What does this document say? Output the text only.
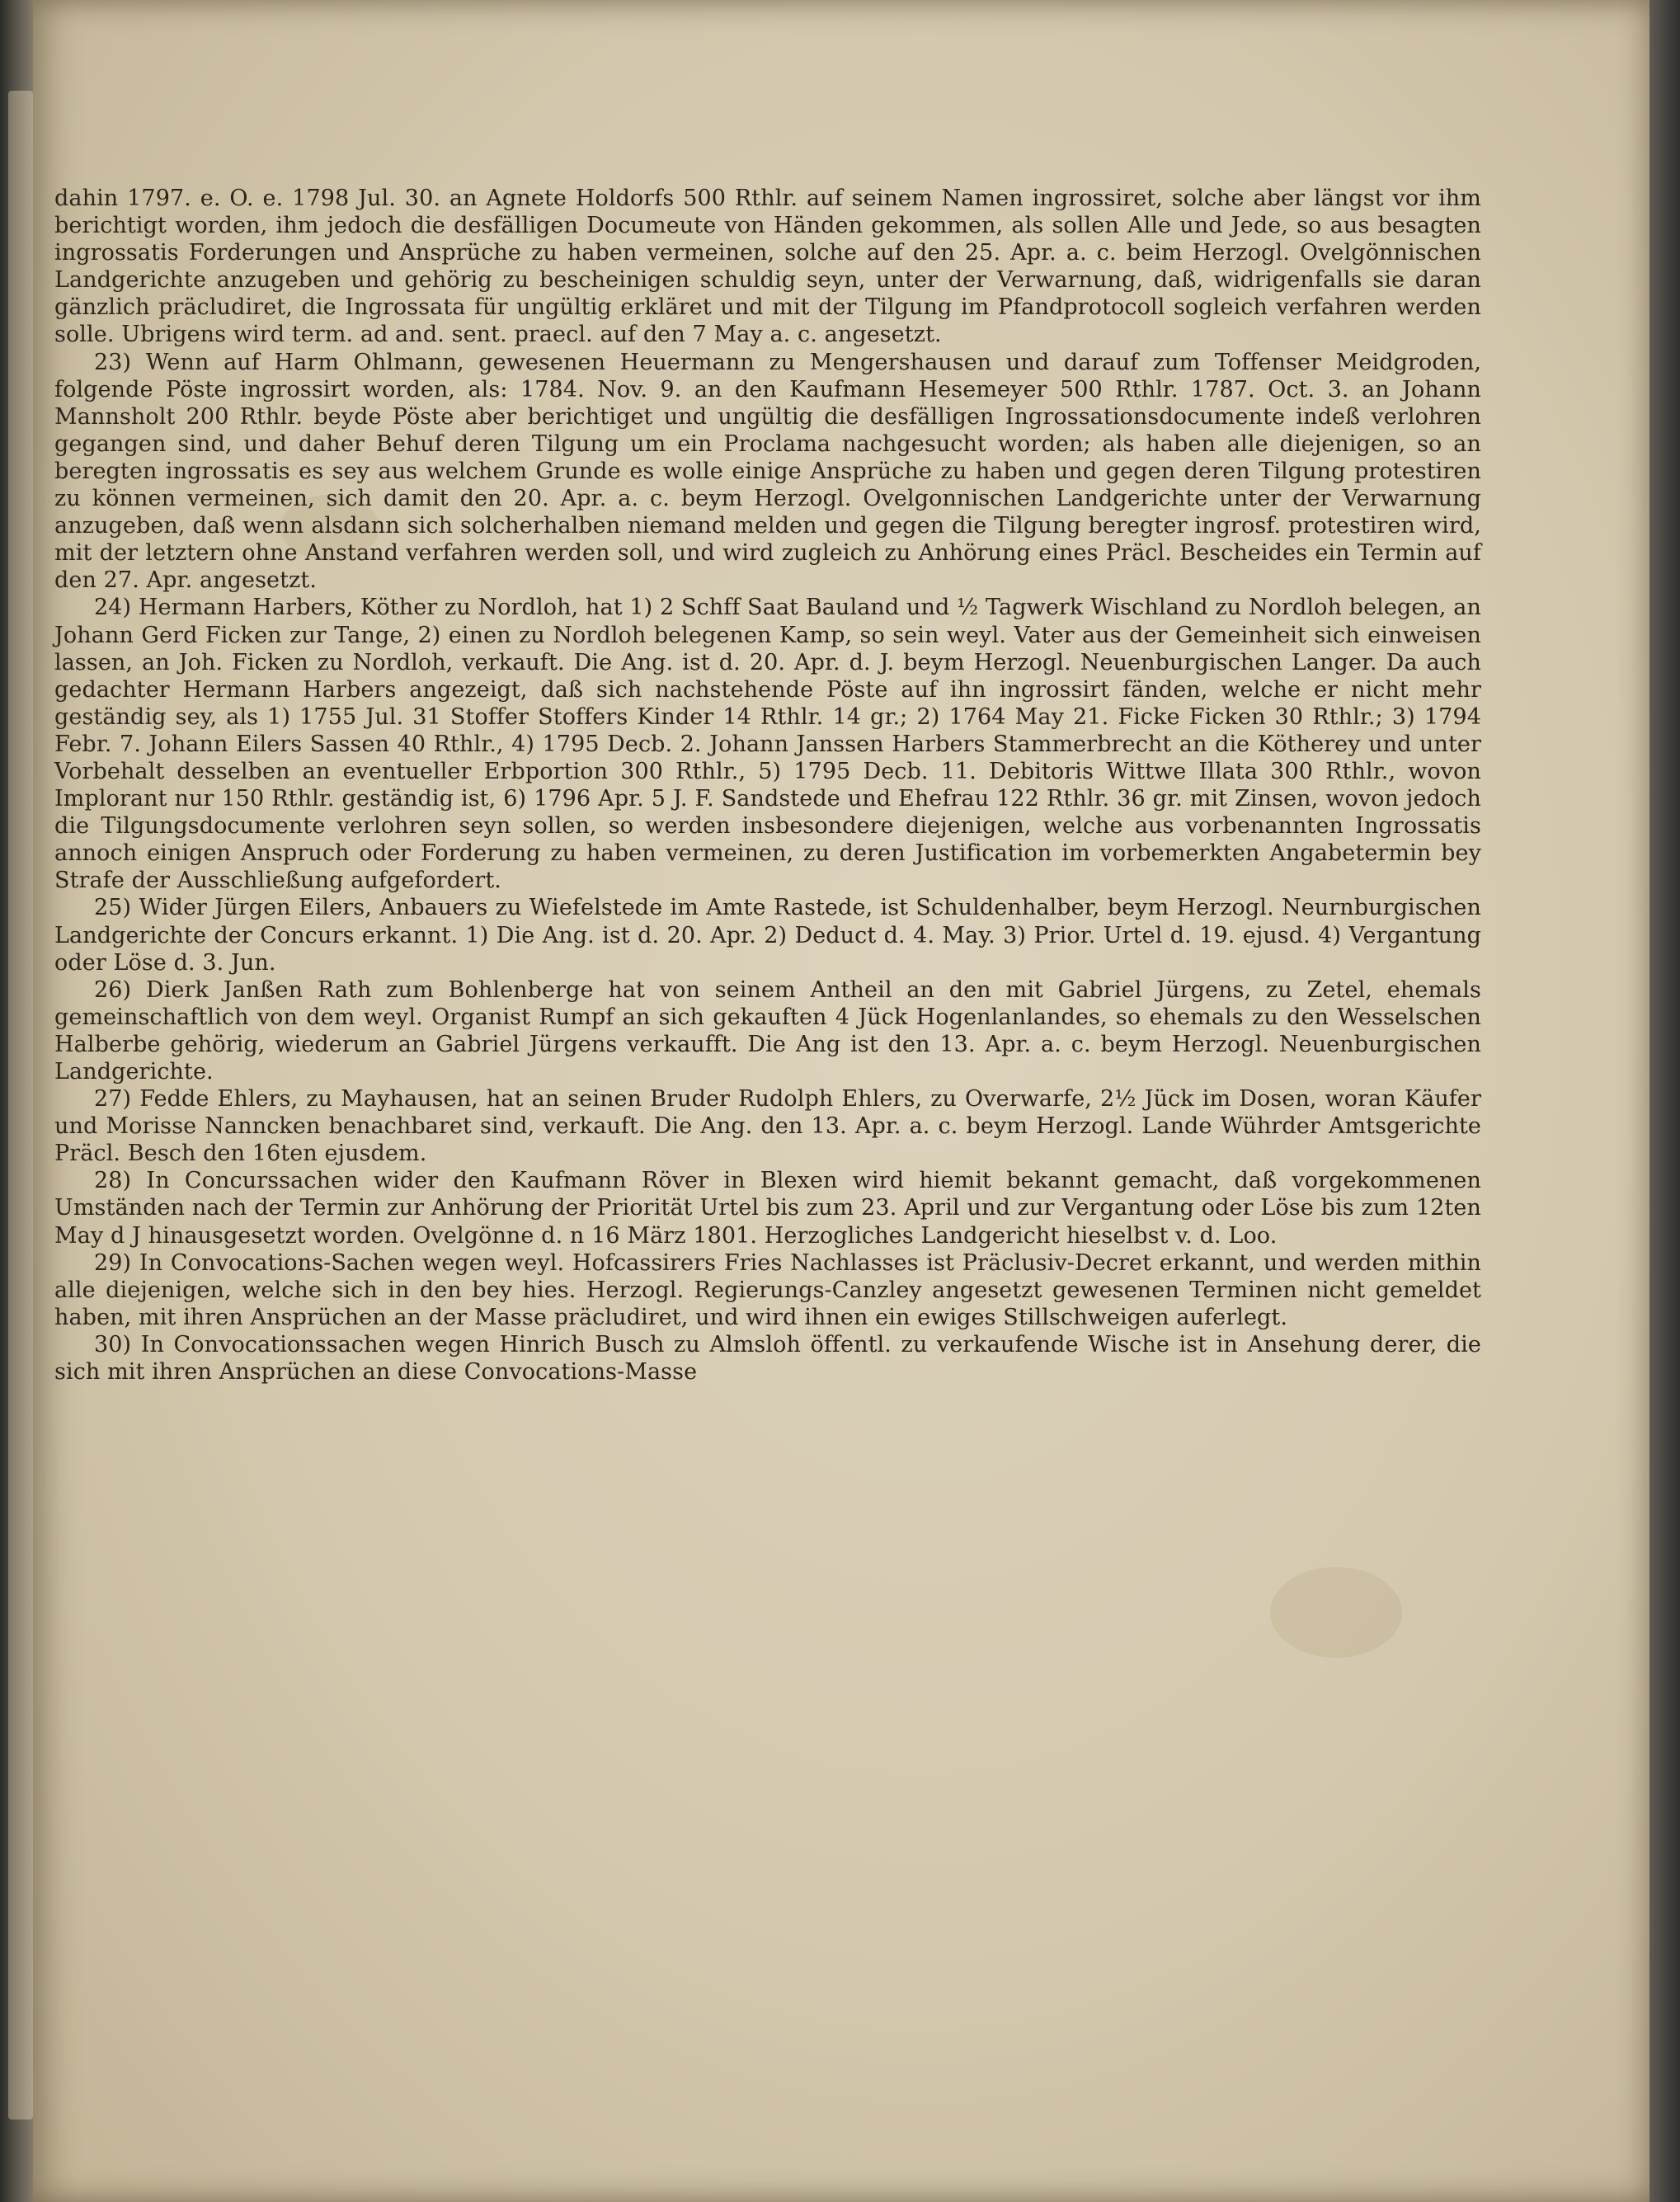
dahin 1797. e. O. e. 1798 Jul. 30. an Agnete Holdorfs 500 Rthlr. auf seinem Namen ingrossiret, solche aber längst vor ihm berichtigt worden, ihm jedoch die desfälligen Documeute von Händen gekommen, als sollen Alle und Jede, so aus besagten ingrossatis Forderungen und Ansprüche zu haben vermeinen, solche auf den 25. Apr. a. c. beim Herzogl. Ovelgönnischen Landgerichte anzugeben und gehörig zu bescheinigen schuldig seyn, unter der Verwarnung, daß, widrigenfalls sie daran gänzlich präcludiret, die Ingrossata für ungültig erkläret und mit der Tilgung im Pfandprotocoll sogleich verfahren werden solle. Ubrigens wird term. ad and. sent. praecl. auf den 7 May a. c. angesetzt.

23) Wenn auf Harm Ohlmann, gewesenen Heuermann zu Mengershausen und darauf zum Toffenser Meidgroden, folgende Pöste ingrossirt worden, als: 1784. Nov. 9. an den Kaufmann Hesemeyer 500 Rthlr. 1787. Oct. 3. an Johann Mannsholt 200 Rthlr. beyde Pöste aber berichtiget und ungültig die desfälligen Ingrossationsdocumente indeß verlohren gegangen sind, und daher Behuf deren Tilgung um ein Proclama nachgesucht worden; als haben alle diejenigen, so an beregten ingrossatis es sey aus welchem Grunde es wolle einige Ansprüche zu haben und gegen deren Tilgung protestiren zu können vermeinen, sich damit den 20. Apr. a. c. beym Herzogl. Ovelgonnischen Landgerichte unter der Verwarnung anzugeben, daß wenn alsdann sich solcherhalben niemand melden und gegen die Tilgung beregter ingrosf. protestiren wird, mit der letztern ohne Anstand verfahren werden soll, und wird zugleich zu Anhörung eines Präcl. Bescheides ein Termin auf den 27. Apr. angesetzt.

24) Hermann Harbers, Köther zu Nordloh, hat 1) 2 Schff Saat Bauland und ½ Tagwerk Wischland zu Nordloh belegen, an Johann Gerd Ficken zur Tange, 2) einen zu Nordloh belegenen Kamp, so sein weyl. Vater aus der Gemeinheit sich einweisen lassen, an Joh. Ficken zu Nordloh, verkauft. Die Ang. ist d. 20. Apr. d. J. beym Herzogl. Neuenburgischen Langer. Da auch gedachter Hermann Harbers angezeigt, daß sich nachstehende Pöste auf ihn ingrossirt fänden, welche er nicht mehr geständig sey, als 1) 1755 Jul. 31 Stoffer Stoffers Kinder 14 Rthlr. 14 gr.; 2) 1764 May 21. Ficke Ficken 30 Rthlr.; 3) 1794 Febr. 7. Johann Eilers Sassen 40 Rthlr., 4) 1795 Decb. 2. Johann Janssen Harbers Stammerbrecht an die Kötherey und unter Vorbehalt desselben an eventueller Erbportion 300 Rthlr., 5) 1795 Decb. 11. Debitoris Wittwe Illata 300 Rthlr., wovon Implorant nur 150 Rthlr. geständig ist, 6) 1796 Apr. 5 J. F. Sandstede und Ehefrau 122 Rthlr. 36 gr. mit Zinsen, wovon jedoch die Tilgungsdocumente verlohren seyn sollen, so werden insbesondere diejenigen, welche aus vorbenannten Ingrossatis annoch einigen Anspruch oder Forderung zu haben vermeinen, zu deren Justification im vorbemerkten Angabetermin bey Strafe der Ausschließung aufgefordert.

25) Wider Jürgen Eilers, Anbauers zu Wiefelstede im Amte Rastede, ist Schuldenhalber, beym Herzogl. Neurnburgischen Landgerichte der Concurs erkannt. 1) Die Ang. ist d. 20. Apr. 2) Deduct d. 4. May. 3) Prior. Urtel d. 19. ejusd. 4) Vergantung oder Löse d. 3. Jun.

26) Dierk Janßen Rath zum Bohlenberge hat von seinem Antheil an den mit Gabriel Jürgens, zu Zetel, ehemals gemeinschaftlich von dem weyl. Organist Rumpf an sich gekauften 4 Jück Hogenlanlandes, so ehemals zu den Wesselschen Halberbe gehörig, wiederum an Gabriel Jürgens verkaufft. Die Ang ist den 13. Apr. a. c. beym Herzogl. Neuenburgischen Landgerichte.

27) Fedde Ehlers, zu Mayhausen, hat an seinen Bruder Rudolph Ehlers, zu Overwarfe, 2½ Jück im Dosen, woran Käufer und Morisse Nanncken benachbaret sind, verkauft. Die Ang. den 13. Apr. a. c. beym Herzogl. Lande Wührder Amtsgerichte Präcl. Besch den 16ten ejusdem.

28) In Concurssachen wider den Kaufmann Röver in Blexen wird hiemit bekannt gemacht, daß vorgekommenen Umständen nach der Termin zur Anhörung der Priorität Urtel bis zum 23. April und zur Vergantung oder Löse bis zum 12ten May d J hinausgesetzt worden. Ovelgönne d. n 16 März 1801. Herzogliches Landgericht hieselbst v. d. Loo.

29) In Convocations-Sachen wegen weyl. Hofcassirers Fries Nachlasses ist Präclusiv-Decret erkannt, und werden mithin alle diejenigen, welche sich in den bey hies. Herzogl. Regierungs-Canzley angesetzt gewesenen Terminen nicht gemeldet haben, mit ihren Ansprüchen an der Masse präcludiret, und wird ihnen ein ewiges Stillschweigen auferlegt.

30) In Convocationssachen wegen Hinrich Busch zu Almsloh öffentl. zu verkaufende Wische ist in Ansehung derer, die sich mit ihren Ansprüchen an diese Convocations-Masse
